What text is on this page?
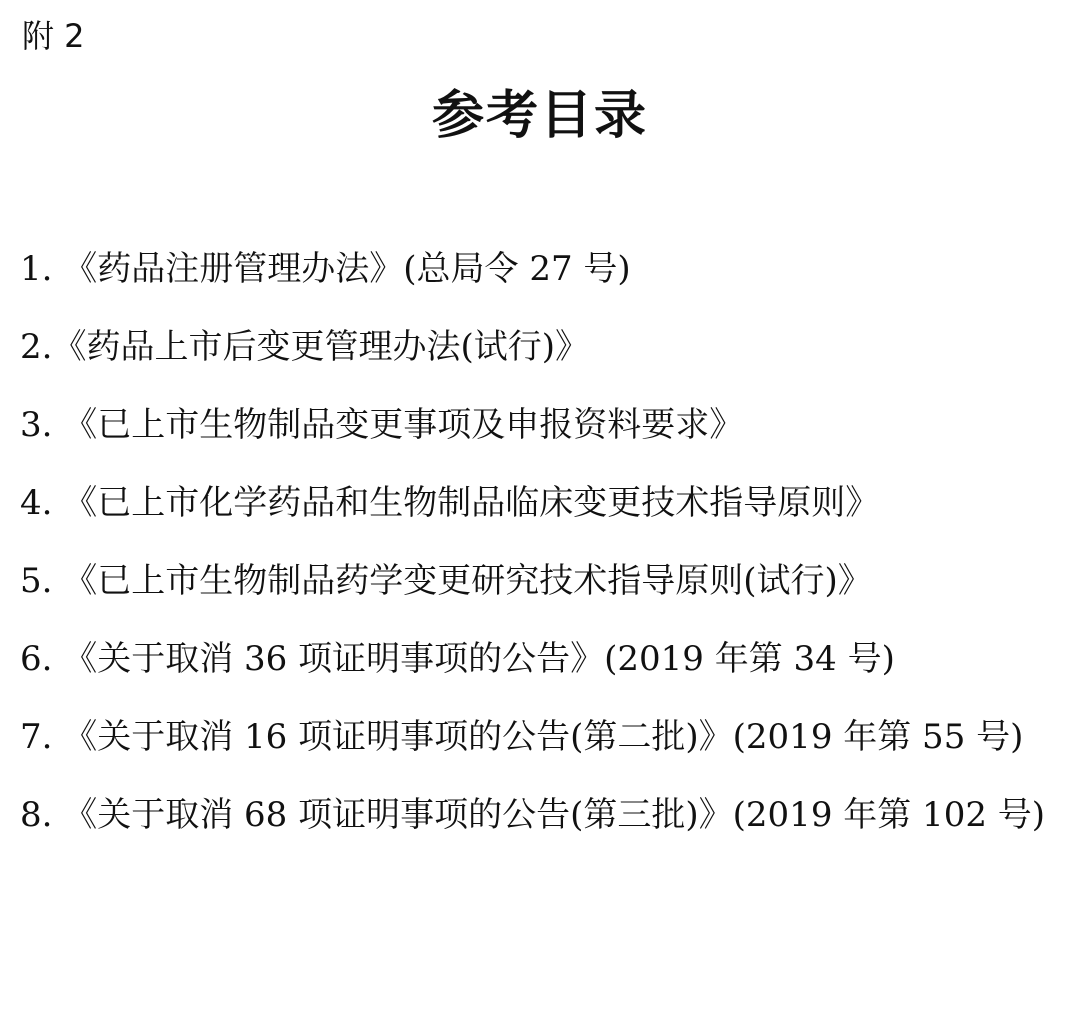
附 2
参考目录
1. 《药品注册管理办法》(总局令 27 号)
2.《药品上市后变更管理办法(试行)》
3. 《已上市生物制品变更事项及申报资料要求》
4. 《已上市化学药品和生物制品临床变更技术指导原则》
5. 《已上市生物制品药学变更研究技术指导原则(试行)》
6. 《关于取消 36 项证明事项的公告》(2019 年第 34 号)
7. 《关于取消 16 项证明事项的公告(第二批)》(2019 年第 55 号)
8. 《关于取消 68 项证明事项的公告(第三批)》(2019 年第 102 号)
